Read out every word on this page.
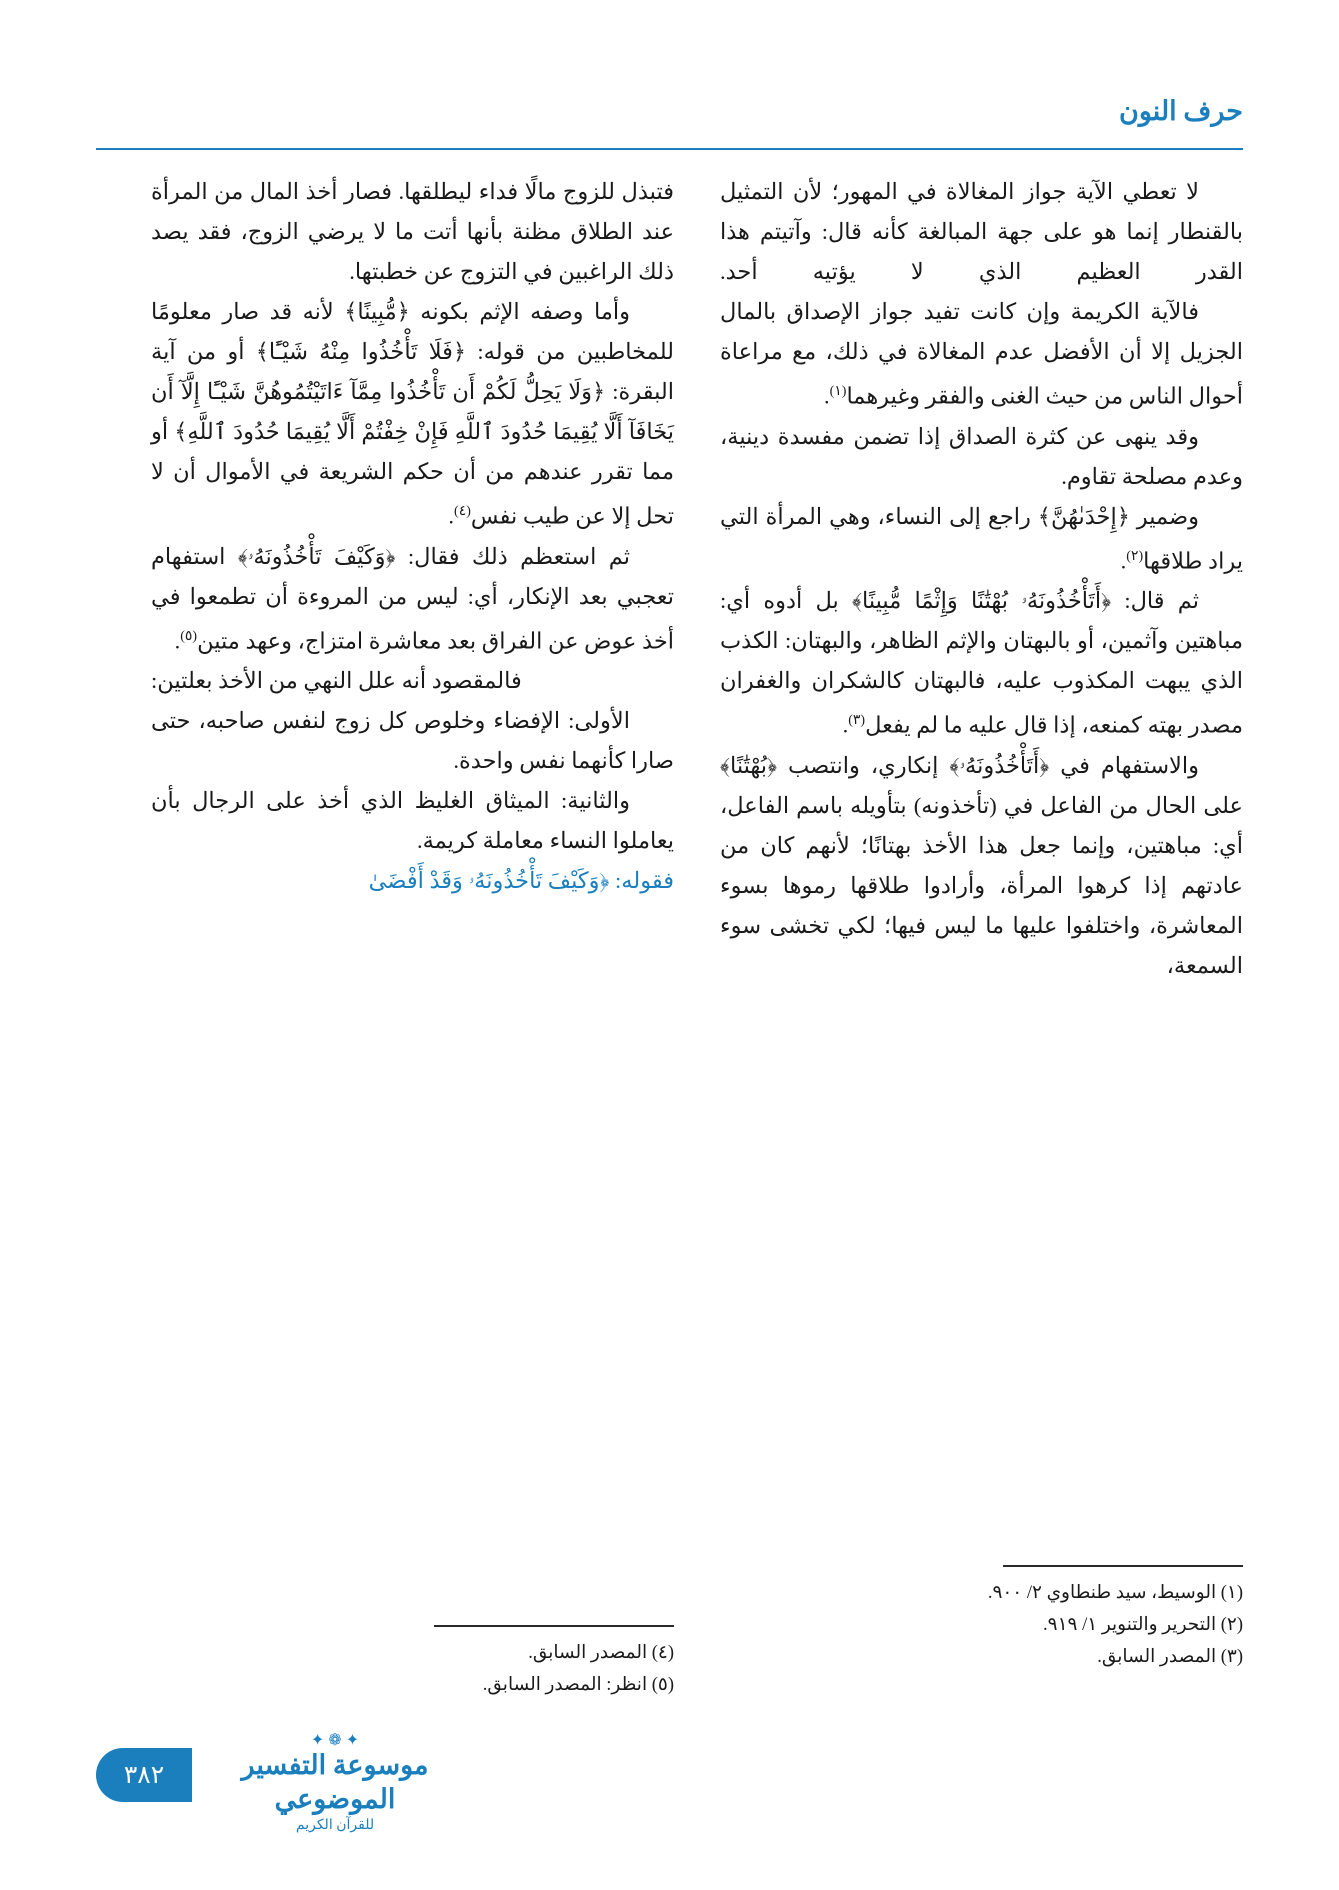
حرف النون

لا تعطي الآية جواز المغالاة في المهور؛ لأن التمثيل بالقنطار إنما هو على جهة المبالغة كأنه قال: وآتيتم هذا القدر العظيم الذي لا يؤتيه أحد.

فالآية الكريمة وإن كانت تفيد جواز الإصداق بالمال الجزيل إلا أن الأفضل عدم المغالاة في ذلك، مع مراعاة أحوال الناس من حيث الغنى والفقر وغيرهما$^{(١)}$.

وقد ينهى عن كثرة الصداق إذا تضمن مفسدة دينية، وعدم مصلحة تقاوم.

وضمير ﴿إِحْدَىٰهُنَّ﴾ راجع إلى النساء، وهي المرأة التي يراد طلاقها$^{(٢)}$.

ثم قال: ﴿أَتَأْخُذُونَهُۥ بُهْتَٰنًا وَإِثْمًا مُّبِينًا﴾ بل أدوه أي: مباهتين وآثمين، أو بالبهتان والإثم الظاهر، والبهتان: الكذب الذي يبهت المكذوب عليه، فالبهتان كالشكران والغفران مصدر بهته كمنعه، إذا قال عليه ما لم يفعل$^{(٣)}$.

والاستفهام في ﴿أَتَأْخُذُونَهُۥ﴾ إنكاري، وانتصب ﴿بُهْتَٰنًا﴾ على الحال من الفاعل في (تأخذونه) بتأويله باسم الفاعل، أي: مباهتين، وإنما جعل هذا الأخذ بهتانًا؛ لأنهم كان من عادتهم إذا كرهوا المرأة، وأرادوا طلاقها رموها بسوء المعاشرة، واختلفوا عليها ما ليس فيها؛ لكي تخشى سوء السمعة،

فتبذل للزوج مالًا فداء ليطلقها. فصار أخذ المال من المرأة عند الطلاق مظنة بأنها أتت ما لا يرضي الزوج، فقد يصد ذلك الراغبين في التزوج عن خطبتها.

وأما وصفه الإثم بكونه ﴿مُّبِينًا﴾ لأنه قد صار معلومًا للمخاطبين من قوله: ﴿فَلَا تَأْخُذُوا مِنْهُ شَيْـًٔا﴾ أو من آية البقرة: ﴿وَلَا يَحِلُّ لَكُمْ أَن تَأْخُذُوا مِمَّآ ءَاتَيْتُمُوهُنَّ شَيْـًٔا إِلَّآ أَن يَخَافَآ أَلَّا يُقِيمَا حُدُودَ ٱللَّهِ فَإِنْ خِفْتُمْ أَلَّا يُقِيمَا حُدُودَ ٱللَّهِ﴾ أو مما تقرر عندهم من أن حكم الشريعة في الأموال أن لا تحل إلا عن طيب نفس$^{(٤)}$.

ثم استعظم ذلك فقال: ﴿وَكَيْفَ تَأْخُذُونَهُۥ﴾ استفهام تعجبي بعد الإنكار، أي: ليس من المروءة أن تطمعوا في أخذ عوض عن الفراق بعد معاشرة امتزاج، وعهد متين$^{(٥)}$.

فالمقصود أنه علل النهي من الأخذ بعلتين:

الأولى: الإفضاء وخلوص كل زوج لنفس صاحبه، حتى صارا كأنهما نفس واحدة.

والثانية: الميثاق الغليظ الذي أخذ على الرجال بأن يعاملوا النساء معاملة كريمة.

فقوله: ﴿وَكَيْفَ تَأْخُذُونَهُۥ وَقَدْ أَفْضَىٰ

(١) الوسيط، سيد طنطاوي ٢/ ٩٠٠.
(٢) التحرير والتنوير ١/ ٩١٩.
(٣) المصدر السابق.
(٤) المصدر السابق.
(٥) انظر: المصدر السابق.
✦ ❁ ✦
موسوعة التفسير الموضوعي
للقرآن الكريم
٣٨٢
